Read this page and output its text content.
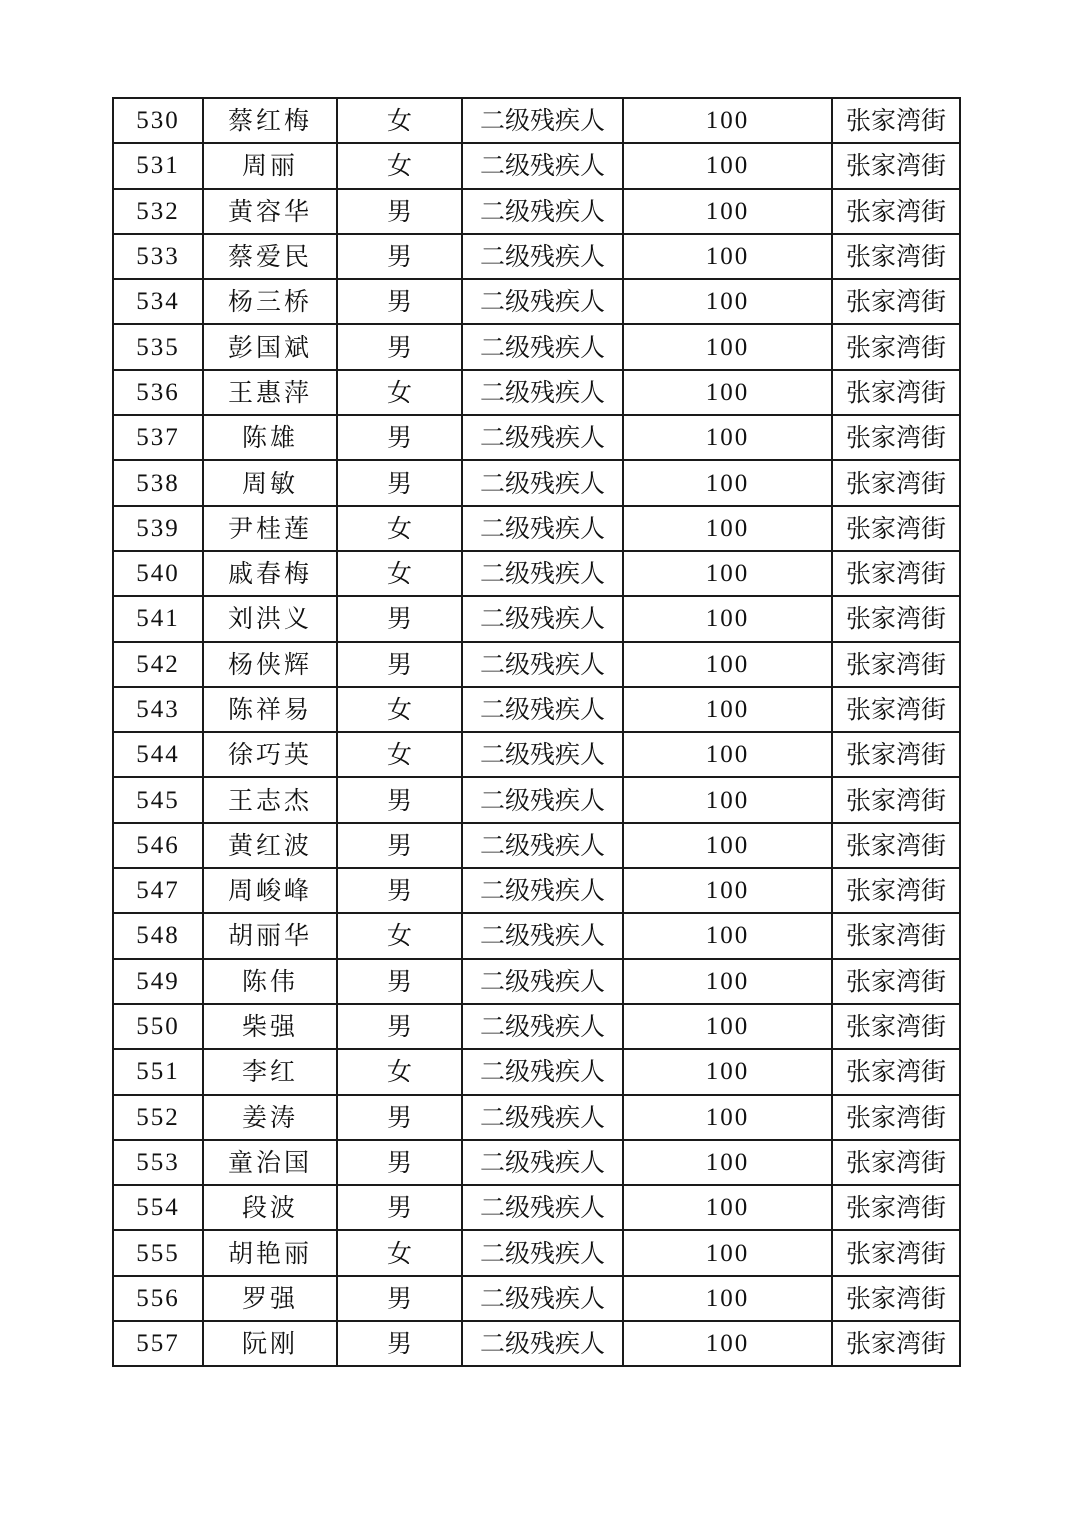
530	蔡红梅	女	二级残疾人	100	张家湾街
531	周丽	女	二级残疾人	100	张家湾街
532	黄容华	男	二级残疾人	100	张家湾街
533	蔡爱民	男	二级残疾人	100	张家湾街
534	杨三桥	男	二级残疾人	100	张家湾街
535	彭国斌	男	二级残疾人	100	张家湾街
536	王惠萍	女	二级残疾人	100	张家湾街
537	陈雄	男	二级残疾人	100	张家湾街
538	周敏	男	二级残疾人	100	张家湾街
539	尹桂莲	女	二级残疾人	100	张家湾街
540	戚春梅	女	二级残疾人	100	张家湾街
541	刘洪义	男	二级残疾人	100	张家湾街
542	杨侠辉	男	二级残疾人	100	张家湾街
543	陈祥易	女	二级残疾人	100	张家湾街
544	徐巧英	女	二级残疾人	100	张家湾街
545	王志杰	男	二级残疾人	100	张家湾街
546	黄红波	男	二级残疾人	100	张家湾街
547	周峻峰	男	二级残疾人	100	张家湾街
548	胡丽华	女	二级残疾人	100	张家湾街
549	陈伟	男	二级残疾人	100	张家湾街
550	柴强	男	二级残疾人	100	张家湾街
551	李红	女	二级残疾人	100	张家湾街
552	姜涛	男	二级残疾人	100	张家湾街
553	童治国	男	二级残疾人	100	张家湾街
554	段波	男	二级残疾人	100	张家湾街
555	胡艳丽	女	二级残疾人	100	张家湾街
556	罗强	男	二级残疾人	100	张家湾街
557	阮刚	男	二级残疾人	100	张家湾街
